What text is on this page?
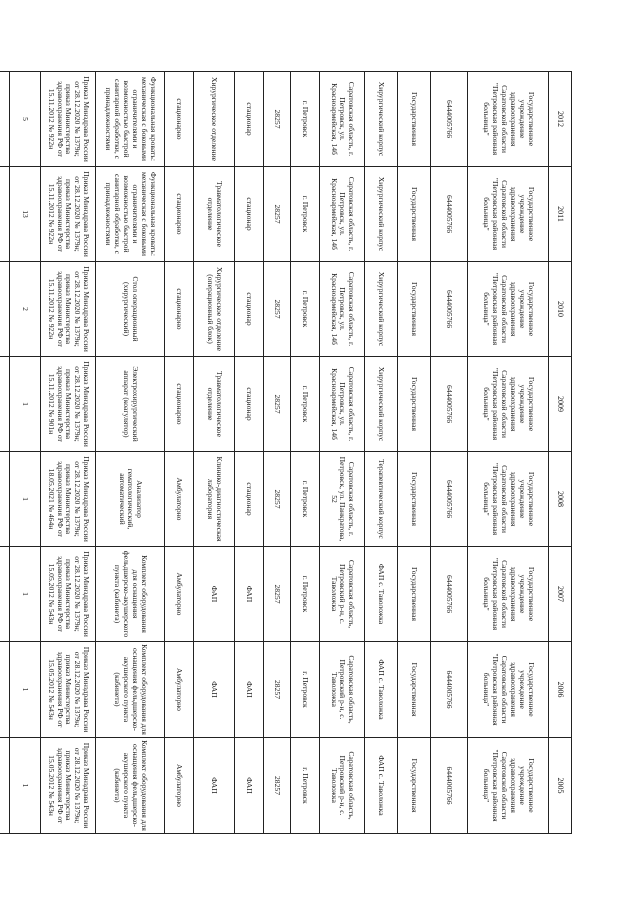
2012	2011	2010	2009	2008	2007	2006	2005
Государственное учреждение здравоохранения Саратовской области "Петровская районная больница"	Государственное учреждение здравоохранения Саратовской области "Петровская районная больница"	Государственное учреждение здравоохранения Саратовской области "Петровская районная больница"	Государственное учреждение здравоохранения Саратовской области "Петровская районная больница"	Государственное учреждение здравоохранения Саратовской области "Петровская районная больница"	Государственное учреждение здравоохранения Саратовской области "Петровская районная больница"	Государственное учреждение здравоохранения Саратовской области "Петровская районная больница"	Государственное учреждение здравоохранения Саратовской области "Петровская районная больница"
6444005766	6444005766	6444005766	6444005766	6444005766	6444005766	6444005766	6444005766
Государственная	Государственная	Государственная	Государственная	Государственная	Государственная	Государственная	Государственная
Хирургический корпус	Хирургический корпус	Хирургический корпус	Хирургический корпус	Терапевтический корпус	ФАП с. Таволожка	ФАП с. Таволожка	ФАП с. Таволожка
Саратовская область, г. Петровск, ул. Красноармейская, 14б	Саратовская область, г. Петровск, ул. Красноармейская, 14б	Саратовская область, г. Петровск, ул. Красноармейская, 14б	Саратовская область, г. Петровск, ул. Красноармейская, 14б	Саратовская область, г. Петровск, ул. Панкратова, 52	Саратовская область, Петровский р-н, с. Таволожка	Саратовская область, Петровский р-н, с. Таволожка	Саратовская область, Петровский р-н, с. Таволожка
г. Петровск	г. Петровск	г. Петровск	г. Петровск	г. Петровск	г. Петровск	г. Петровск	г. Петровск
28257	28257	28257	28257	28257	28257	28257	28257
стационар	стационар	стационар	стационар	стационар	ФАП	ФАП	ФАП
Хирургическое отделение	Травматологическое отделение	Хирургическое отделение (операционный блок)	Травматологическое отделение	Клинико-диагностическая лаборатория	ФАП	ФАП	ФАП
стационарно	стационарно	стационарно	стационарно	Амбулаторно	Амбулаторно	Амбулаторно	Амбулаторно
Функциональная кровать: механическая с боковыми ограничителями и возможностью быстрой санитарной обработки, с принадлежностями	Функциональная кровать: механическая с боковыми ограничителями и возможностью быстрой санитарной обработки, с принадлежностями	Стол операционный (хирургический)	Электрохирургический аппарат (коагулятор)	Анализатор гематологический, автоматический	Комплект оборудования для оснащения фельдшерско-акушерского пункта (кабинета)	Комплект оборудования для оснащения фельдшерско-акушерского пункта (кабинета)	Комплект оборудования для оснащения фельдшерско-акушерского пункта (кабинета)
Приказ Минздрава России от 28.12.2020 № 1379н; приказ Министерства здравоохранения РФ от 15.11.2012 № 922н	Приказ Минздрава России от 28.12.2020 № 1379н; приказ Министерства здравоохранения РФ от 15.11.2012 № 922н	Приказ Минздрава России от 28.12.2020 № 1379н; приказ Министерства здравоохранения РФ от 15.11.2012 № 922н	Приказ Минздрава России от 28.12.2020 № 1379н; приказ Министерства здравоохранения РФ от 15.11.2012 № 901н	Приказ Минздрава России от 28.12.2020 № 1379н; приказ Министерства здравоохранения РФ от 18.05.2021 № 464н	Приказ Минздрава России от 28.12.2020 № 1379н; приказ Министерства здравоохранения РФ от 15.05.2012 № 543н	Приказ Минздрава России от 28.12.2020 № 1379н; приказ Министерства здравоохранения РФ от 15.05.2012 № 543н	Приказ Минздрава России от 28.12.2020 № 1379н; приказ Министерства здравоохранения РФ от 15.05.2012 № 543н
5	13	2	1	1	1	1	1
